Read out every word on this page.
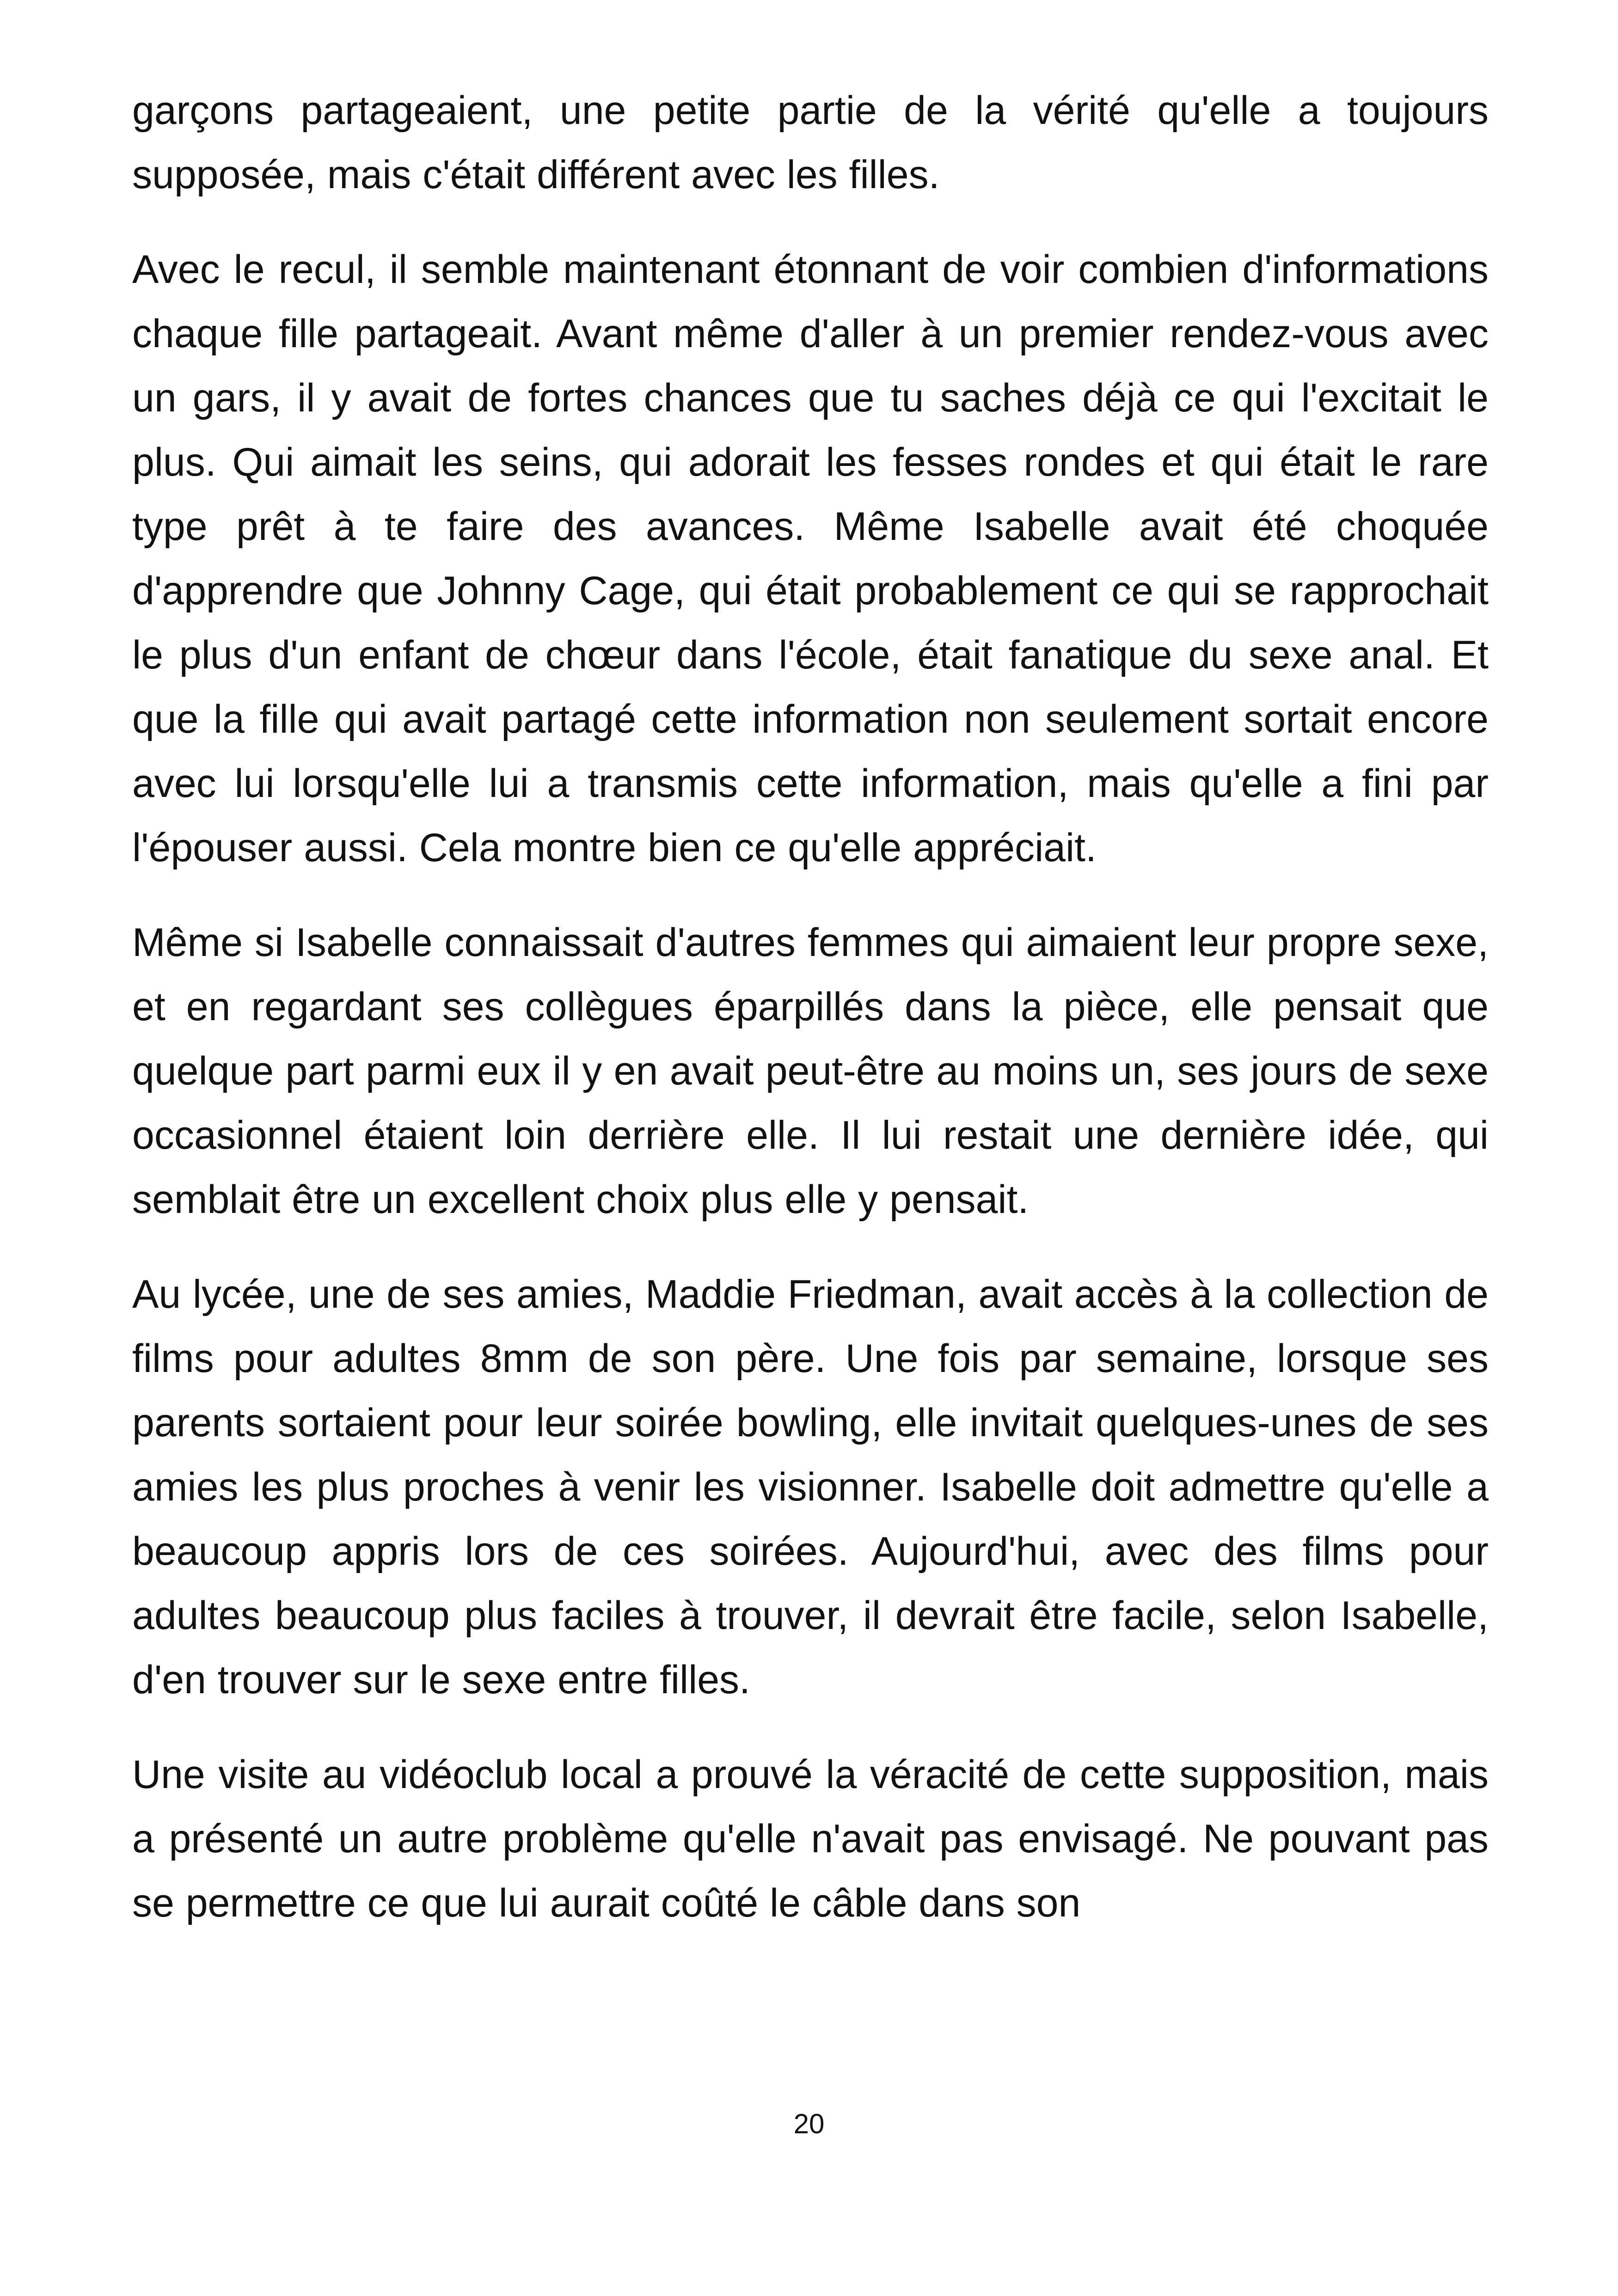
garçons partageaient, une petite partie de la vérité qu'elle a toujours supposée, mais c'était différent avec les filles.

Avec le recul, il semble maintenant étonnant de voir combien d'informations chaque fille partageait. Avant même d'aller à un premier rendez-vous avec un gars, il y avait de fortes chances que tu saches déjà ce qui l'excitait le plus. Qui aimait les seins, qui adorait les fesses rondes et qui était le rare type prêt à te faire des avances. Même Isabelle avait été choquée d'apprendre que Johnny Cage, qui était probablement ce qui se rapprochait le plus d'un enfant de chœur dans l'école, était fanatique du sexe anal. Et que la fille qui avait partagé cette information non seulement sortait encore avec lui lorsqu'elle lui a transmis cette information, mais qu'elle a fini par l'épouser aussi. Cela montre bien ce qu'elle appréciait.

Même si Isabelle connaissait d'autres femmes qui aimaient leur propre sexe, et en regardant ses collègues éparpillés dans la pièce, elle pensait que quelque part parmi eux il y en avait peut-être au moins un, ses jours de sexe occasionnel étaient loin derrière elle. Il lui restait une dernière idée, qui semblait être un excellent choix plus elle y pensait.

Au lycée, une de ses amies, Maddie Friedman, avait accès à la collection de films pour adultes 8mm de son père. Une fois par semaine, lorsque ses parents sortaient pour leur soirée bowling, elle invitait quelques-unes de ses amies les plus proches à venir les visionner. Isabelle doit admettre qu'elle a beaucoup appris lors de ces soirées. Aujourd'hui, avec des films pour adultes beaucoup plus faciles à trouver, il devrait être facile, selon Isabelle, d'en trouver sur le sexe entre filles.

Une visite au vidéoclub local a prouvé la véracité de cette supposition, mais a présenté un autre problème qu'elle n'avait pas envisagé. Ne pouvant pas se permettre ce que lui aurait coûté le câble dans son

20
